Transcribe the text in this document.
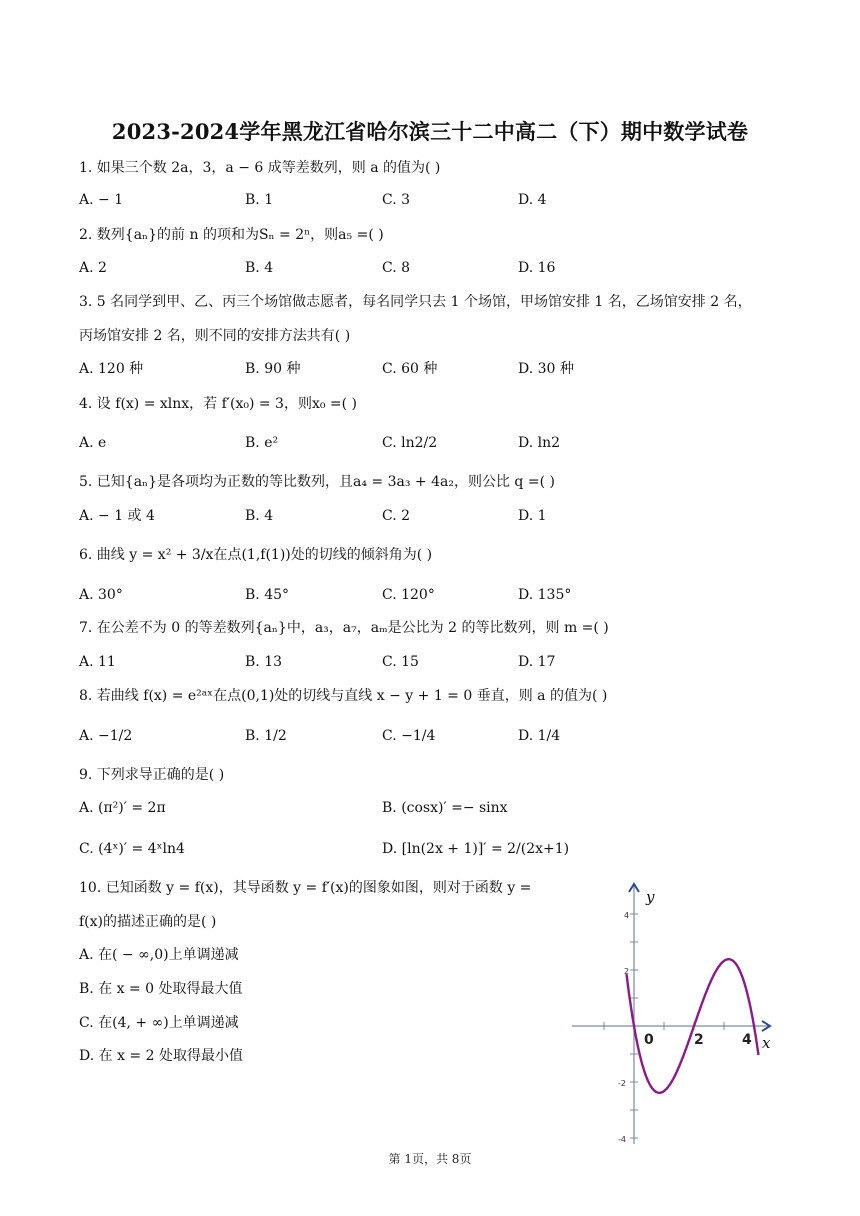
2023-2024学年黑龙江省哈尔滨三十二中高二（下）期中数学试卷
1. 如果三个数 2a，3，a − 6 成等差数列，则 a 的值为( )
A. − 1	B. 1	C. 3	D. 4
2. 数列{aₙ}的前 n 的项和为Sₙ = 2ⁿ，则a₅ =( )
A. 2	B. 4	C. 8	D. 16
3. 5 名同学到甲、乙、丙三个场馆做志愿者，每名同学只去 1 个场馆，甲场馆安排 1 名，乙场馆安排 2 名，
丙场馆安排 2 名，则不同的安排方法共有( )
A. 120 种	B. 90 种	C. 60 种	D. 30 种
4. 设 f(x) = xlnx，若 f′(x₀) = 3，则x₀ =( )
A. e	B. e²	C. ln2/2	D. ln2
5. 已知{aₙ}是各项均为正数的等比数列，且a₄ = 3a₃ + 4a₂，则公比 q =( )
A. − 1 或 4	B. 4	C. 2	D. 1
6. 曲线 y = x² + 3/x在点(1,f(1))处的切线的倾斜角为( )
A. 30°	B. 45°	C. 120°	D. 135°
7. 在公差不为 0 的等差数列{aₙ}中，a₃，a₇，aₘ是公比为 2 的等比数列，则 m =( )
A. 11	B. 13	C. 15	D. 17
8. 若曲线 f(x) = e²ᵃˣ在点(0,1)处的切线与直线 x − y + 1 = 0 垂直，则 a 的值为( )
A. −1/2	B. 1/2	C. −1/4	D. 1/4
9. 下列求导正确的是( )
A. (π²)′ = 2π	B. (cosx)′ =− sinx
C. (4ˣ)′ = 4ˣln4	D. [ln(2x + 1)]′ = 2/(2x+1)
10. 已知函数 y = f(x)，其导函数 y = f′(x)的图象如图，则对于函数 y =
f(x)的描述正确的是( )
A. 在( − ∞,0)上单调递减
B. 在 x = 0 处取得最大值
C. 在(4, + ∞)上单调递减
D. 在 x = 2 处取得最小值
y
x
0	2	4
4
2
-2
-4
第 1页，共 8页
